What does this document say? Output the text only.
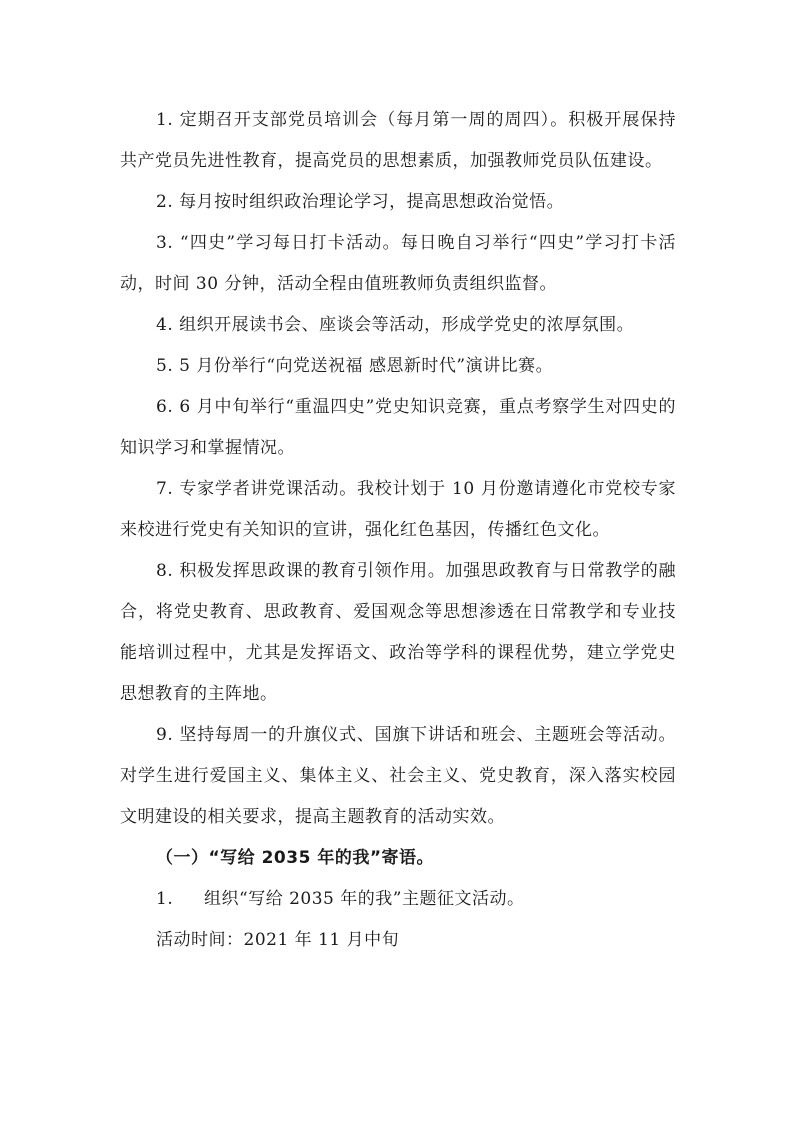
1. 定期召开支部党员培训会（每月第一周的周四）。积极开展保持共产党员先进性教育，提高党员的思想素质，加强教师党员队伍建设。

2. 每月按时组织政治理论学习，提高思想政治觉悟。

3. “四史”学习每日打卡活动。每日晚自习举行“四史”学习打卡活动，时间 30 分钟，活动全程由值班教师负责组织监督。

4. 组织开展读书会、座谈会等活动，形成学党史的浓厚氛围。

5. 5 月份举行“向党送祝福 感恩新时代”演讲比赛。

6. 6 月中旬举行“重温四史”党史知识竞赛，重点考察学生对四史的知识学习和掌握情况。

7. 专家学者讲党课活动。我校计划于 10 月份邀请遵化市党校专家来校进行党史有关知识的宣讲，强化红色基因，传播红色文化。

8. 积极发挥思政课的教育引领作用。加强思政教育与日常教学的融合，将党史教育、思政教育、爱国观念等思想渗透在日常教学和专业技能培训过程中，尤其是发挥语文、政治等学科的课程优势，建立学党史思想教育的主阵地。

9. 坚持每周一的升旗仪式、国旗下讲话和班会、主题班会等活动。对学生进行爱国主义、集体主义、社会主义、党史教育，深入落实校园文明建设的相关要求，提高主题教育的活动实效。

（一）“写给 2035 年的我”寄语。

1. 组织“写给 2035 年的我”主题征文活动。

活动时间：2021 年 11 月中旬
